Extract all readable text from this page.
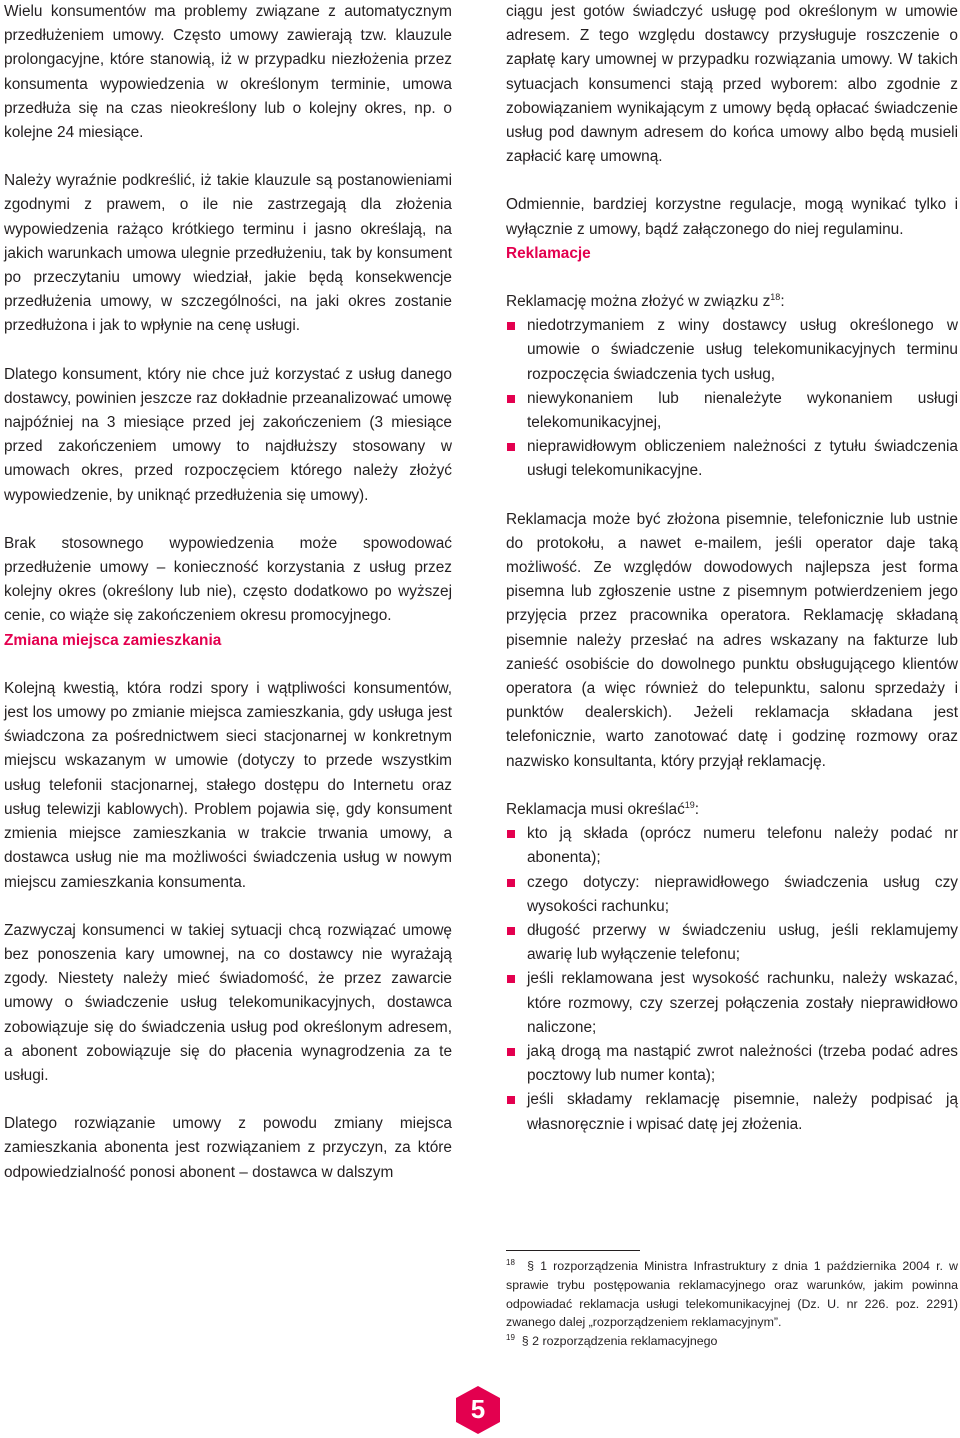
Wielu konsumentów ma problemy związane z automatycznym przedłużeniem umowy. Często umowy zawierają tzw. klauzule prolongacyjne, które stanowią, iż w przypadku niezłożenia przez konsumenta wypowiedzenia w określonym terminie, umowa przedłuża się na czas nieokreślony lub o kolejny okres, np. o kolejne 24 miesiące.

Należy wyraźnie podkreślić, iż takie klauzule są postanowieniami zgodnymi z prawem, o ile nie zastrzegają dla złożenia wypowiedzenia rażąco krótkiego terminu i jasno określają, na jakich warunkach umowa ulegnie przedłużeniu, tak by konsument po przeczytaniu umowy wiedział, jakie będą konsekwencje przedłużenia umowy, w szczególności, na jaki okres zostanie przedłużona i jak to wpłynie na cenę usługi.

Dlatego konsument, który nie chce już korzystać z usług danego dostawcy, powinien jeszcze raz dokładnie przeanalizować umowę najpóźniej na 3 miesiące przed jej zakończeniem (3 miesiące przed zakończeniem umowy to najdłuższy stosowany w umowach okres, przed rozpoczęciem którego należy złożyć wypowiedzenie, by uniknąć przedłużenia się umowy).

Brak stosownego wypowiedzenia może spowodować przedłużenie umowy – konieczność korzystania z usług przez kolejny okres (określony lub nie), często dodatkowo po wyższej cenie, co wiąże się zakończeniem okresu promocyjnego.

Zmiana miejsca zamieszkania

Kolejną kwestią, która rodzi spory i wątpliwości konsumentów, jest los umowy po zmianie miejsca zamieszkania, gdy usługa jest świadczona za pośrednictwem sieci stacjonarnej w konkretnym miejscu wskazanym w umowie (dotyczy to przede wszystkim usług telefonii stacjonarnej, stałego dostępu do Internetu oraz usług telewizji kablowych). Problem pojawia się, gdy konsument zmienia miejsce zamieszkania w trakcie trwania umowy, a dostawca usług nie ma możliwości świadczenia usług w nowym miejscu zamieszkania konsumenta.

Zazwyczaj konsumenci w takiej sytuacji chcą rozwiązać umowę bez ponoszenia kary umownej, na co dostawcy nie wyrażają zgody. Niestety należy mieć świadomość, że przez zawarcie umowy o świadczenie usług telekomunikacyjnych, dostawca zobowiązuje się do świadczenia usług pod określonym adresem, a abonent zobowiązuje się do płacenia wynagrodzenia za te usługi.

Dlatego rozwiązanie umowy z powodu zmiany miejsca zamieszkania abonenta jest rozwiązaniem z przyczyn, za które odpowiedzialność ponosi abonent – dostawca w dalszym

ciągu jest gotów świadczyć usługę pod określonym w umowie adresem. Z tego względu dostawcy przysługuje roszczenie o zapłatę kary umownej w przypadku rozwiązania umowy. W takich sytuacjach konsumenci stają przed wyborem: albo zgodnie z zobowiązaniem wynikającym z umowy będą opłacać świadczenie usług pod dawnym adresem do końca umowy albo będą musieli zapłacić karę umowną.

Odmiennie, bardziej korzystne regulacje, mogą wynikać tylko i wyłącznie z umowy, bądź załączonego do niej regulaminu.

Reklamacje

Reklamację można złożyć w związku $z^{18}$:

niedotrzymaniem z winy dostawcy usług określonego w umowie o świadczenie usług telekomunikacyjnych terminu rozpoczęcia świadczenia tych usług,
niewykonaniem lub nienależyte wykonaniem usługi telekomunikacyjnej,
nieprawidłowym obliczeniem należności z tytułu świadczenia usługi telekomunikacyjne.

Reklamacja może być złożona pisemnie, telefonicznie lub ustnie do protokołu, a nawet e-mailem, jeśli operator daje taką możliwość. Ze względów dowodowych najlepsza jest forma pisemna lub zgłoszenie ustne z pisemnym potwierdzeniem jego przyjęcia przez pracownika operatora. Reklamację składaną pisemnie należy przesłać na adres wskazany na fakturze lub zanieść osobiście do dowolnego punktu obsługującego klientów operatora (a więc również do telepunktu, salonu sprzedaży i punktów dealerskich). Jeżeli reklamacja składana jest telefonicznie, warto zanotować datę i godzinę rozmowy oraz nazwisko konsultanta, który przyjął reklamację.

Reklamacja musi określać$^{19}$:

kto ją składa (oprócz numeru telefonu należy podać nr abonenta);
czego dotyczy: nieprawidłowego świadczenia usług czy wysokości rachunku;
długość przerwy w świadczeniu usług, jeśli reklamujemy awarię lub wyłączenie telefonu;
jeśli reklamowana jest wysokość rachunku, należy wskazać, które rozmowy, czy szerzej połączenia zostały nieprawidłowo naliczone;
jaką drogą ma nastąpić zwrot należności (trzeba podać adres pocztowy lub numer konta);
jeśli składamy reklamację pisemnie, należy podpisać ją własnoręcznie i wpisać datę jej złożenia.

$^{18}$ § 1 rozporządzenia Ministra Infrastruktury z dnia 1 października 2004 r. w sprawie trybu postępowania reklamacyjnego oraz warunków, jakim powinna odpowiadać reklamacja usługi telekomunikacyjnej (Dz. U. nr 226. poz. 2291) zwanego dalej „rozporządzeniem reklamacyjnym”.

$^{19}$ § 2 rozporządzenia reklamacyjnego

5
